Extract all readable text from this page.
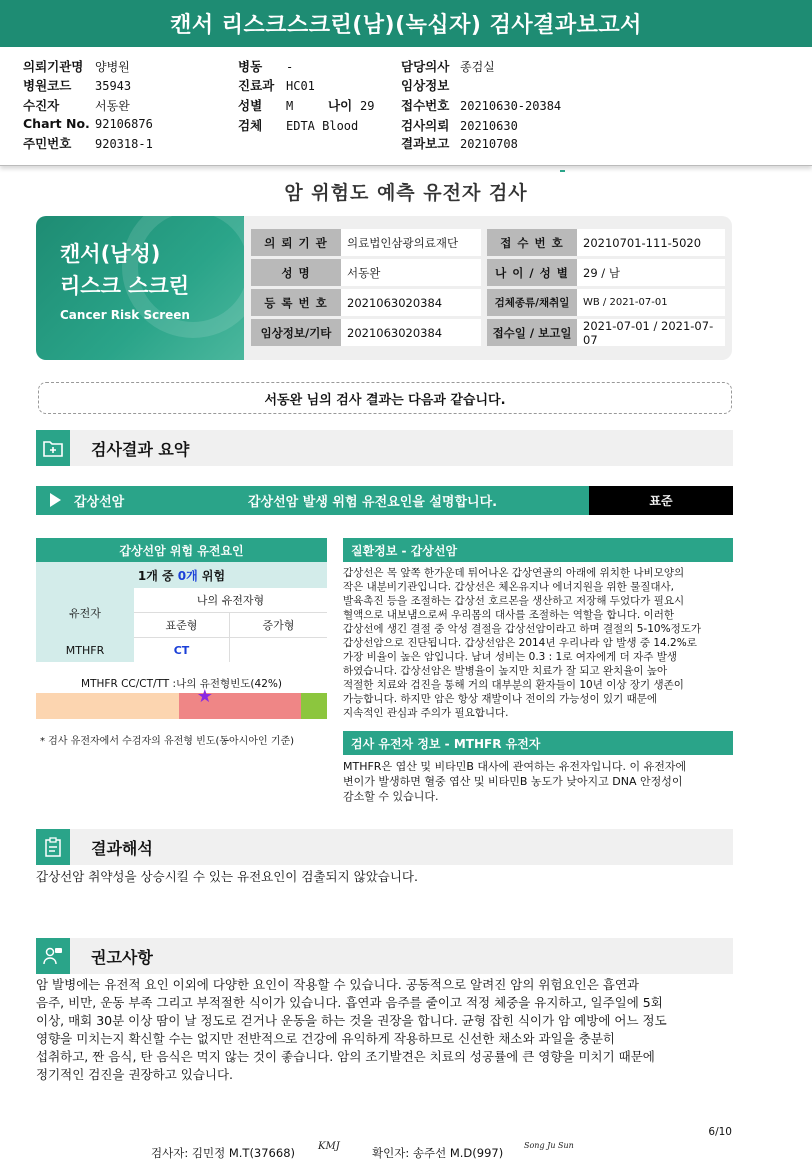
캔서 리스크스크린(남)(녹십자) 검사결과보고서
의뢰기관명 양병원
병원코드 35943
수진자	서동완
Chart No. 92106876
주민번호 920318-1
병동 -
진료과 HC01
성별 M	나이 29
검체 EDTA Blood
담당의사 종검실
임상정보
접수번호 20210630-20384
검사의뢰 20210630
결과보고 20210708
암 위험도 예측 유전자 검사
캔서(남성)
리스크 스크린
Cancer Risk Screen
의 뢰 기 관	의료법인삼광의료재단	접 수 번 호	20210701-111-5020
성 명	서동완	나 이 / 성 별	29 / 남
등 록 번 호	2021063020384	검체종류/채취일	WB / 2021-07-01
임상정보/기타	2021063020384	접수일 / 보고일	2021-07-01 / 2021-07-07
서동완 님의 검사 결과는 다음과 같습니다.
검사결과 요약
갑상선암	갑상선암 발생 위험 유전요인을 설명합니다.	표준
갑상선암 위험 유전요인
1개 중
0개
위험
유전자
나의 유전자형
표준형	증가형
MTHFR	CT
MTHFR CC/CT/TT :나의 유전형빈도(42%)
★
* 검사 유전자에서 수검자의 유전형 빈도(동아시아인 기준)
질환정보 - 갑상선암
갑상선은 목 앞쪽 한가운데 튀어나온 갑상연골의 아래에 위치한 나비모양의
작은 내분비기관입니다. 갑상선은 체온유지나 에너지원을 위한 물질대사,
발육촉진 등을 조절하는 갑상선 호르몬을 생산하고 저장해 두었다가 필요시
혈액으로 내보냄으로써 우리몸의 대사를 조절하는 역할을 합니다. 이러한
갑상선에 생긴 결절 중 악성 결절을 갑상선암이라고 하며 결절의 5-10%정도가
갑상선암으로 진단됩니다. 갑상선암은 2014년 우리나라 암 발생 중 14.2%로
가장 비율이 높은 암입니다. 남녀 성비는 0.3 : 1로 여자에게 더 자주 발생
하였습니다. 갑상선암은 발병율이 높지만 치료가 잘 되고 완치율이 높아
적절한 치료와 검진을 통해 거의 대부분의 환자들이 10년 이상 장기 생존이
가능합니다. 하지만 암은 항상 재발이나 전이의 가능성이 있기 때문에
지속적인 관심과 주의가 필요합니다.
검사 유전자 정보 - MTHFR 유전자
MTHFR은 엽산 및 비타민B 대사에 관여하는 유전자입니다. 이 유전자에
변이가 발생하면 혈중 엽산 및 비타민B 농도가 낮아지고 DNA 안정성이
감소할 수 있습니다.
결과해석
갑상선암 취약성을 상승시킬 수 있는 유전요인이 검출되지 않았습니다.
권고사항
암 발병에는 유전적 요인 이외에 다양한 요인이 작용할 수 있습니다. 공동적으로 알려진 암의 위험요인은 흡연과
음주, 비만, 운동 부족 그리고 부적절한 식이가 있습니다. 흡연과 음주를 줄이고 적정 체중을 유지하고, 일주일에 5회
이상, 매회 30분 이상 땀이 날 정도로 걷거나 운동을 하는 것을 권장을 합니다. 균형 잡힌 식이가 암 예방에 어느 정도
영향을 미치는지 확신할 수는 없지만 전반적으로 건강에 유익하게 작용하므로 신선한 채소와 과일을 충분히
섭취하고, 짠 음식, 탄 음식은 먹지 않는 것이 좋습니다. 암의 조기발견은 치료의 성공률에 큰 영향을 미치기 때문에
정기적인 검진을 권장하고 있습니다.
6/10
검사자: 김민정 M.T(37668) KMJ	확인자: 송주선 M.D(997)
Song Ju Sun
